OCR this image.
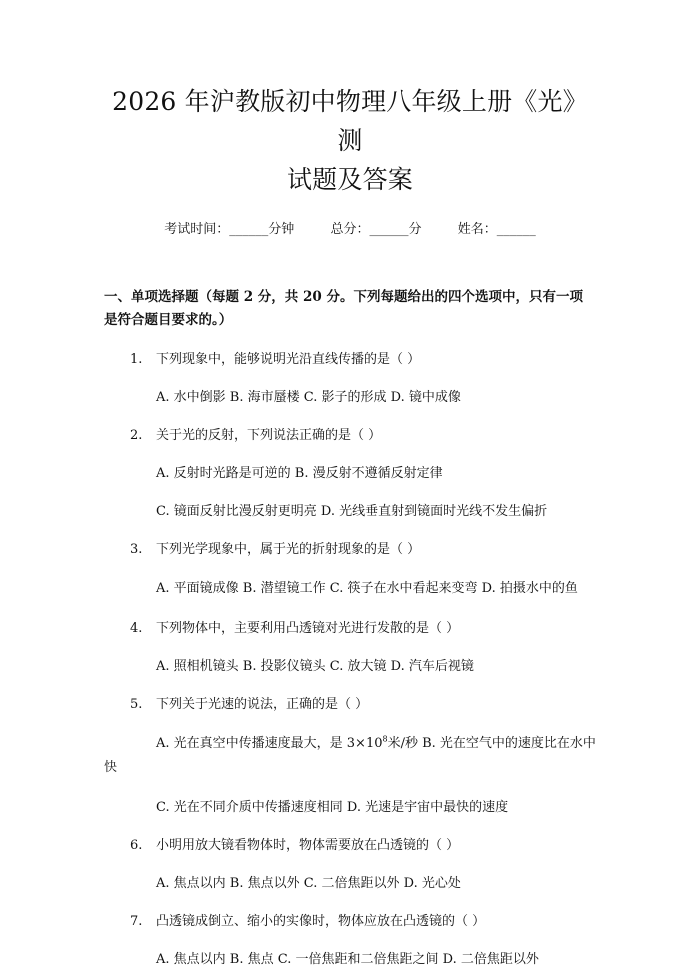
2026 年沪教版初中物理八年级上册《光》测
试题及答案
考试时间：______分钟	总分：______分	姓名：______
一、单项选择题（每题 2 分，共 20 分。下列每题给出的四个选项中，只有一项是符合题目要求的。）
1. 下列现象中，能够说明光沿直线传播的是（ ）
A. 水中倒影 B. 海市蜃楼 C. 影子的形成 D. 镜中成像
2. 关于光的反射，下列说法正确的是（ ）
A. 反射时光路是可逆的 B. 漫反射不遵循反射定律
C. 镜面反射比漫反射更明亮 D. 光线垂直射到镜面时光线不发生偏折
3. 下列光学现象中，属于光的折射现象的是（ ）
A. 平面镜成像 B. 潜望镜工作 C. 筷子在水中看起来变弯 D. 拍摄水中的鱼
4. 下列物体中，主要利用凸透镜对光进行发散的是（ ）
A. 照相机镜头 B. 投影仪镜头 C. 放大镜 D. 汽车后视镜
5. 下列关于光速的说法，正确的是（ ）
A. 光在真空中传播速度最大，是 $3\times 10^8$米/秒 B. 光在空气中的速度比在水中快
C. 光在不同介质中传播速度相同 D. 光速是宇宙中最快的速度
6. 小明用放大镜看物体时，物体需要放在凸透镜的（ ）
A. 焦点以内 B. 焦点以外 C. 二倍焦距以外 D. 光心处
7. 凸透镜成倒立、缩小的实像时，物体应放在凸透镜的（ ）
A. 焦点以内 B. 焦点 C. 一倍焦距和二倍焦距之间 D. 二倍焦距以外
